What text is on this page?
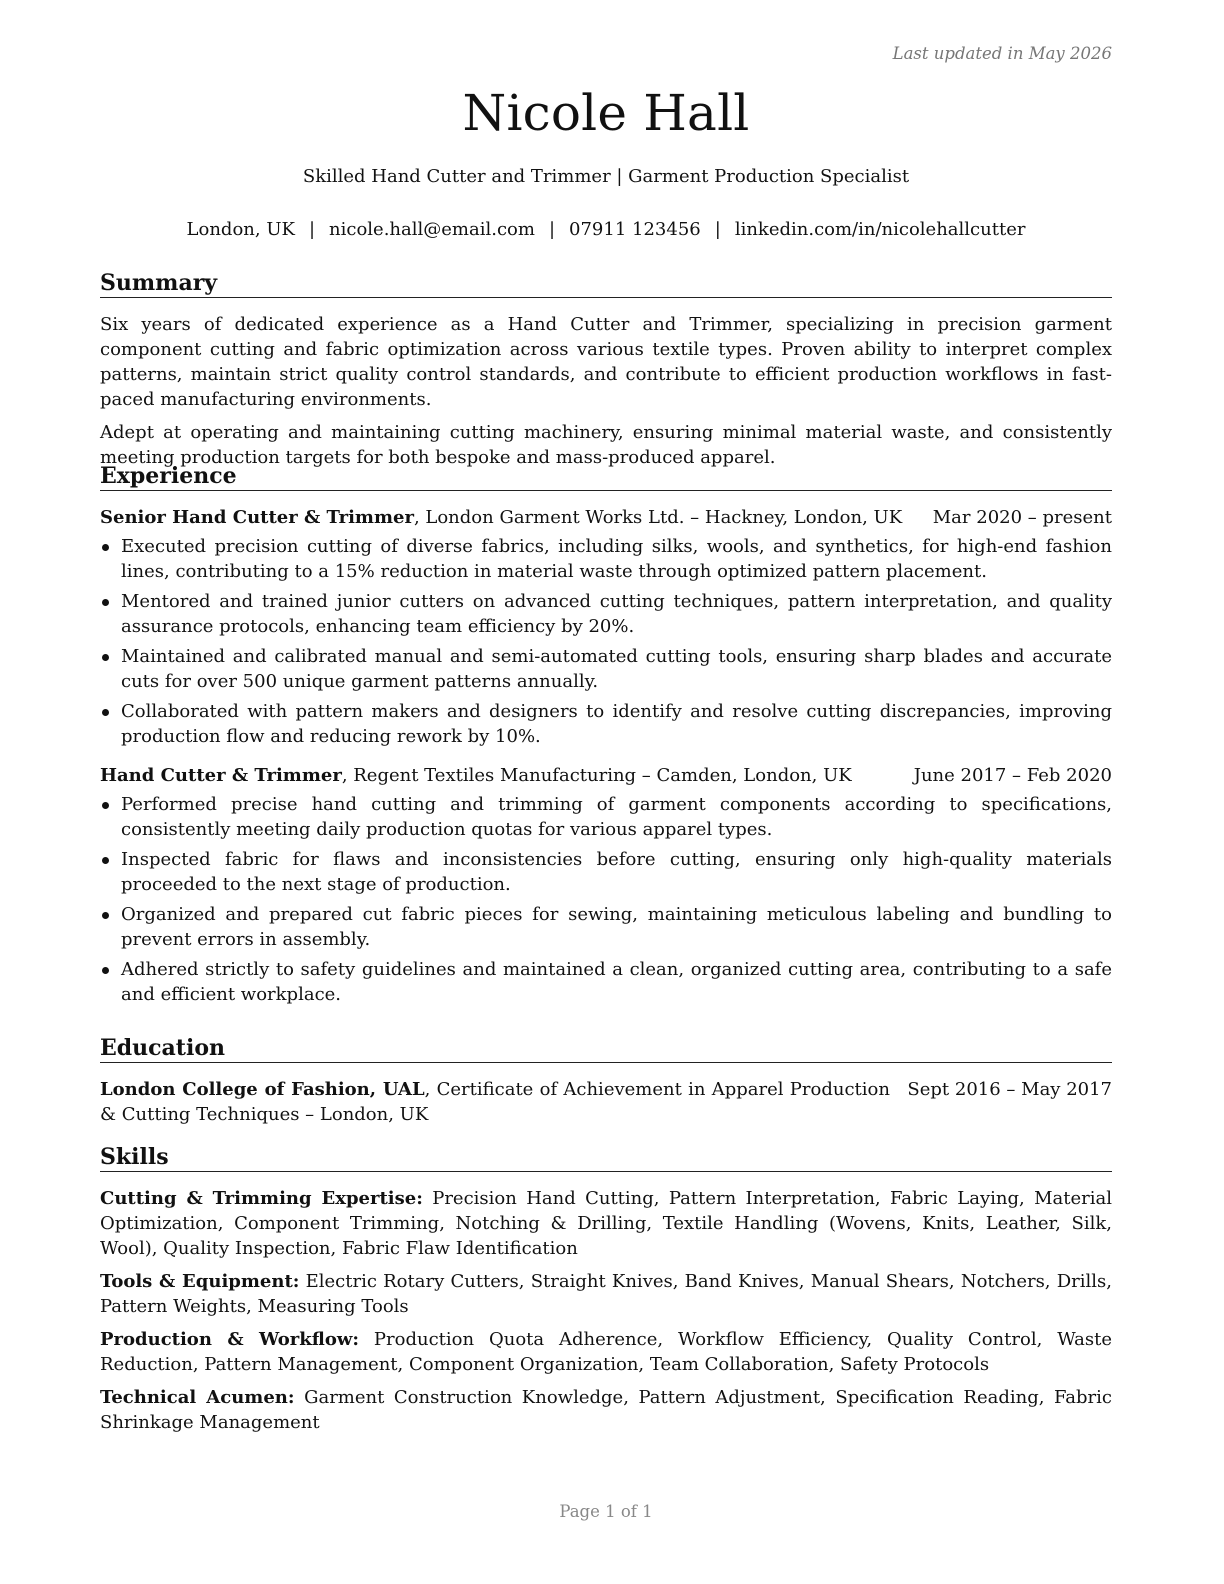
Last updated in May 2026
Nicole Hall
Skilled Hand Cutter and Trimmer | Garment Production Specialist
London, UK | nicole.hall@email.com | 07911 123456 | linkedin.com/in/nicolehallcutter
Summary

Six years of dedicated experience as a Hand Cutter and Trimmer, specializing in precision garment component cutting and fabric optimization across various textile types. Proven ability to interpret complex patterns, maintain strict quality control standards, and contribute to efficient production workflows in fast-paced manufacturing environments.

Adept at operating and maintaining cutting machinery, ensuring minimal material waste, and consistently meeting production targets for both bespoke and mass-produced apparel.

Experience
Senior Hand Cutter & Trimmer, London Garment Works Ltd. – Hackney, London, UK Mar 2020 – present
Executed precision cutting of diverse fabrics, including silks, wools, and synthetics, for high-end fashion lines, contributing to a 15% reduction in material waste through optimized pattern placement.
Mentored and trained junior cutters on advanced cutting techniques, pattern interpretation, and quality assurance protocols, enhancing team efficiency by 20%.
Maintained and calibrated manual and semi-automated cutting tools, ensuring sharp blades and accurate cuts for over 500 unique garment patterns annually.
Collaborated with pattern makers and designers to identify and resolve cutting discrepancies, improving production flow and reducing rework by 10%.
Hand Cutter & Trimmer, Regent Textiles Manufacturing – Camden, London, UK	June 2017 – Feb 2020
Performed precise hand cutting and trimming of garment components according to specifications, consistently meeting daily production quotas for various apparel types.
Inspected fabric for flaws and inconsistencies before cutting, ensuring only high-quality materials proceeded to the next stage of production.
Organized and prepared cut fabric pieces for sewing, maintaining meticulous labeling and bundling to prevent errors in assembly.
Adhered strictly to safety guidelines and maintained a clean, organized cutting area, contributing to a safe and efficient workplace.
Education
London College of Fashion, UAL, Certificate of Achievement in Apparel Production & Cutting Techniques – London, UK
Sept 2016 – May 2017
Skills

Cutting & Trimming Expertise: Precision Hand Cutting, Pattern Interpretation, Fabric Laying, Material Optimization, Component Trimming, Notching & Drilling, Textile Handling (Wovens, Knits, Leather, Silk, Wool), Quality Inspection, Fabric Flaw Identification

Tools & Equipment: Electric Rotary Cutters, Straight Knives, Band Knives, Manual Shears, Notchers, Drills, Pattern Weights, Measuring Tools

Production & Workflow: Production Quota Adherence, Workflow Efficiency, Quality Control, Waste Reduction, Pattern Management, Component Organization, Team Collaboration, Safety Protocols

Technical Acumen: Garment Construction Knowledge, Pattern Adjustment, Specification Reading, Fabric Shrinkage Management

Page 1 of 1
